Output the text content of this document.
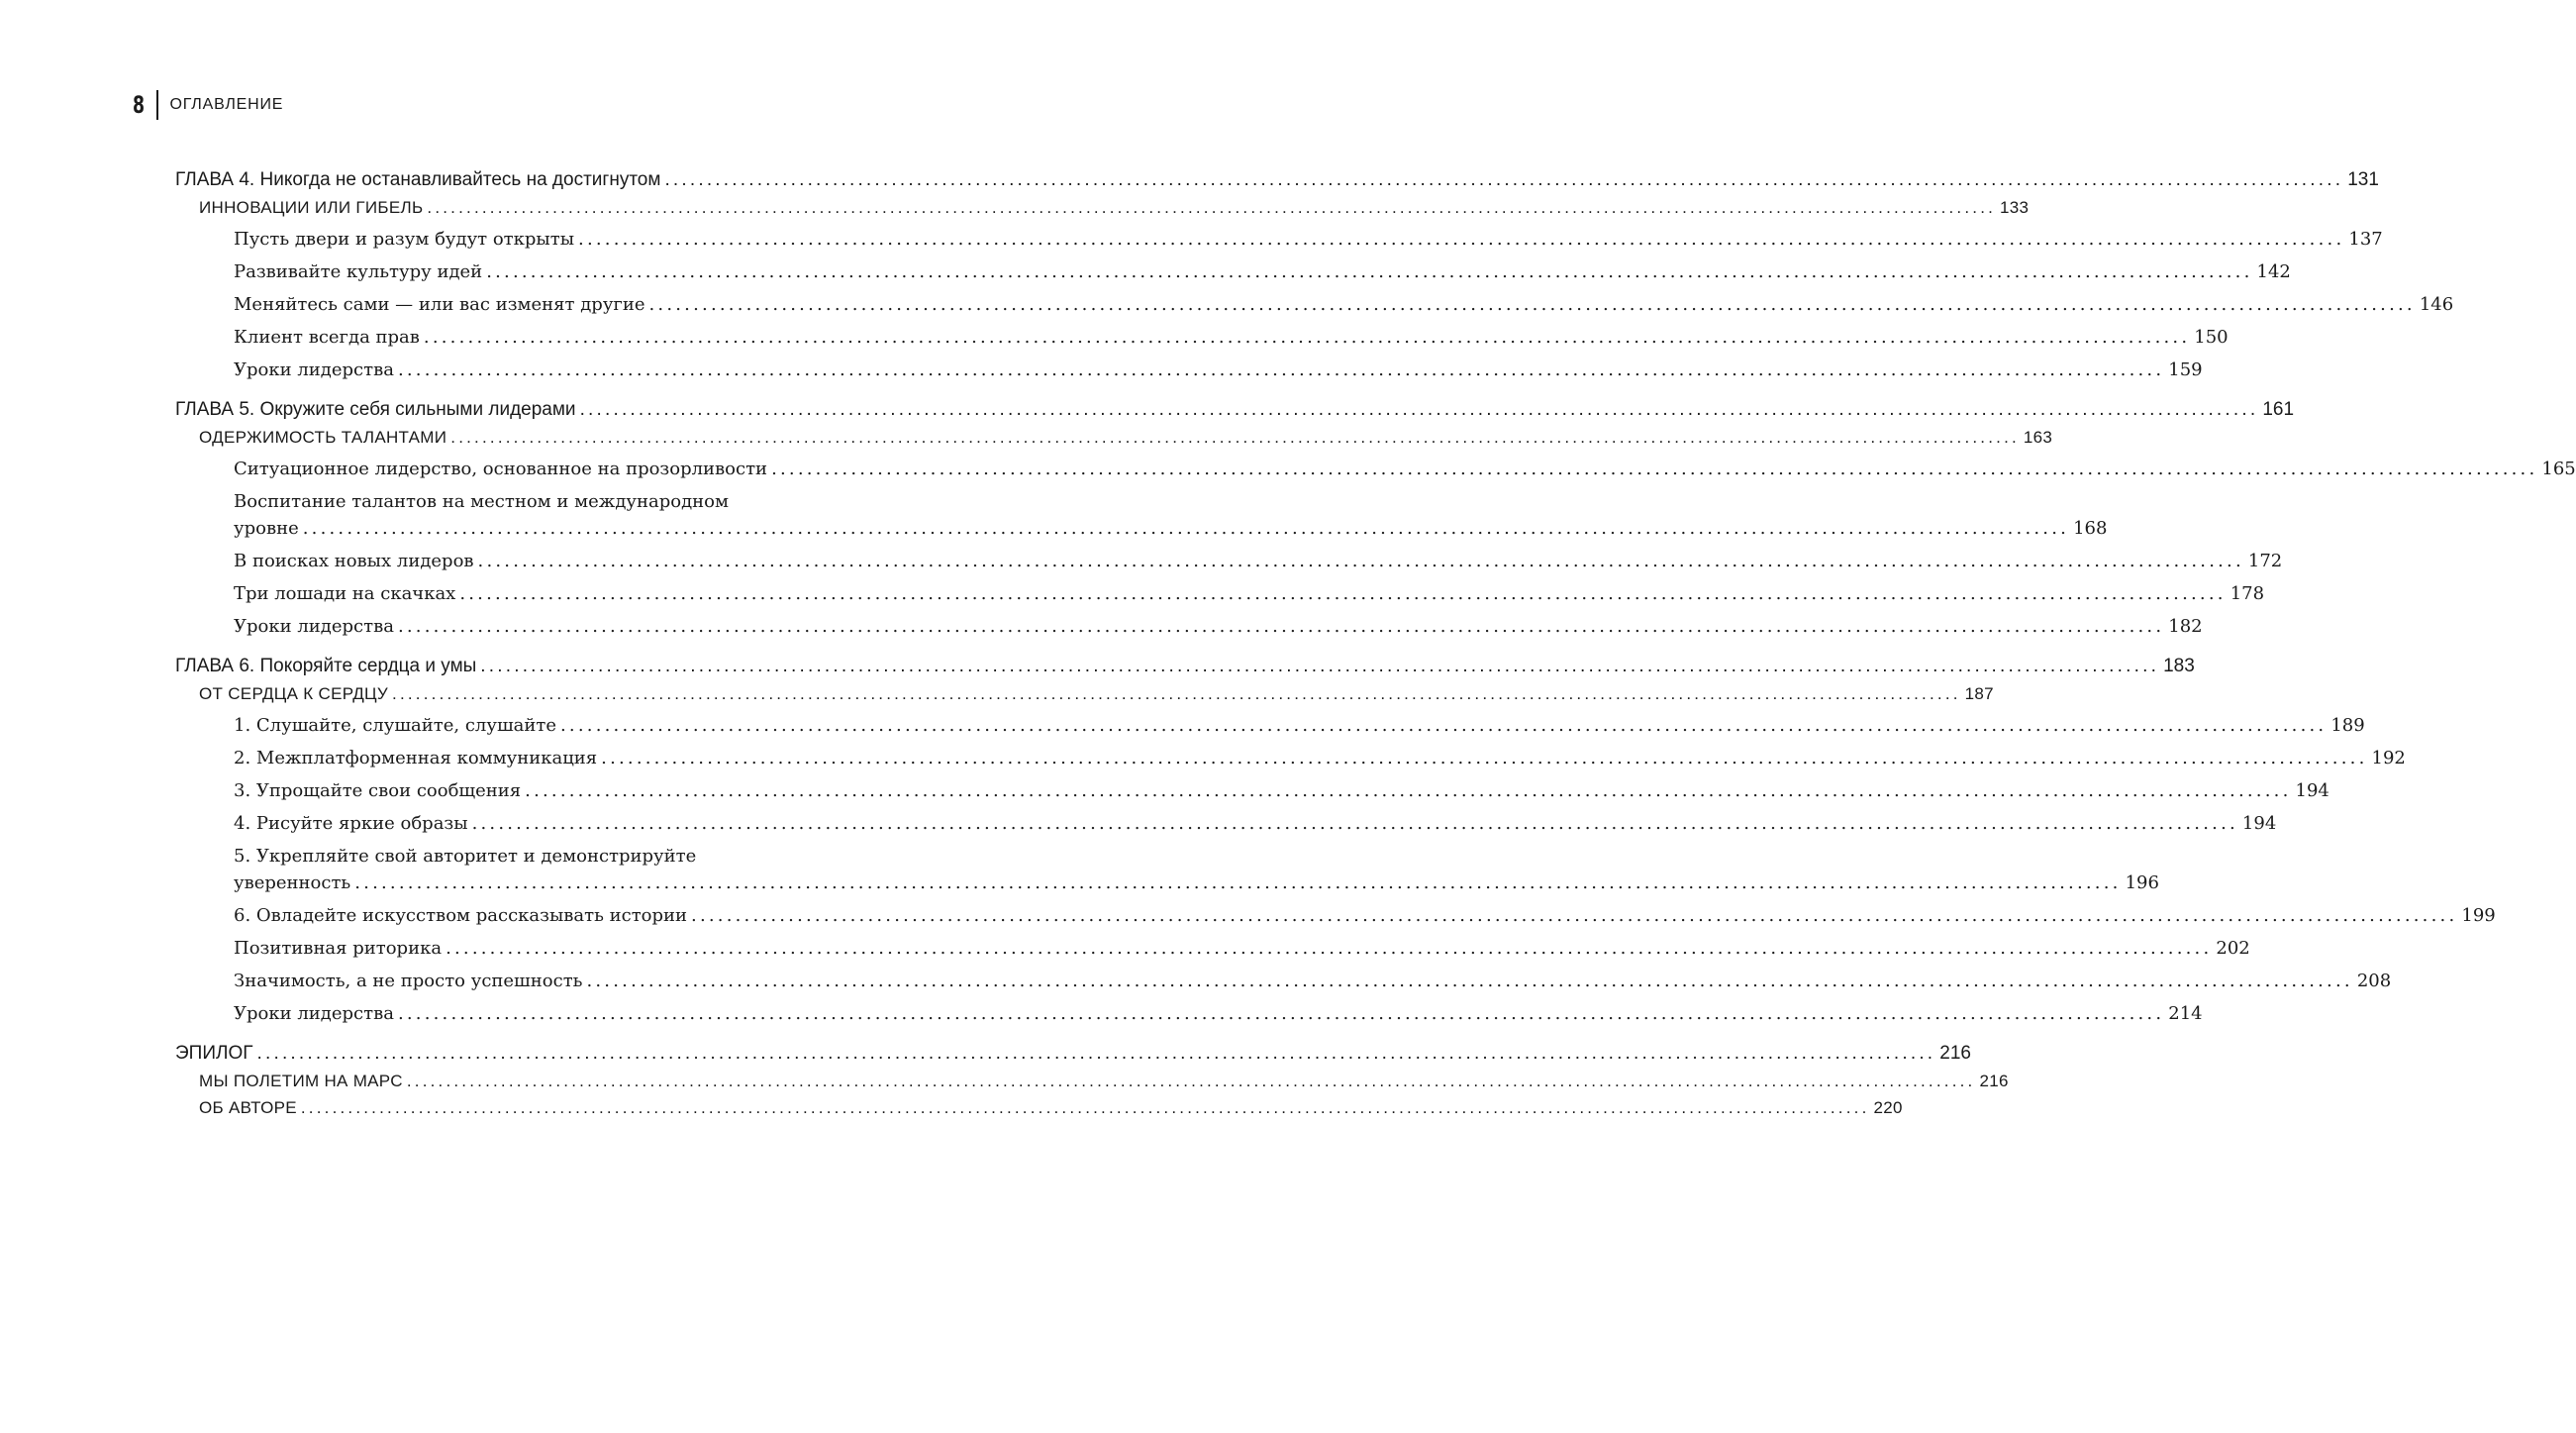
8 ОГЛАВЛЕНИЕ
ГЛАВА 4. Никогда не останавливайтесь на достигнутом ........................................................................................................................................................................................................ 131
ИННОВАЦИИ ИЛИ ГИБЕЛЬ ........................................................................................................................................................................................................ 133
Пусть двери и разум будут открыты ........................................................................................................................................................................................................ 137
Развивайте культуру идей ........................................................................................................................................................................................................ 142
Меняйтесь сами — или вас изменят другие ........................................................................................................................................................................................................ 146
Клиент всегда прав ........................................................................................................................................................................................................ 150
Уроки лидерства ........................................................................................................................................................................................................ 159
ГЛАВА 5. Окружите себя сильными лидерами ........................................................................................................................................................................................................ 161
ОДЕРЖИМОСТЬ ТАЛАНТАМИ ........................................................................................................................................................................................................ 163
Ситуационное лидерство, основанное на прозорливости ........................................................................................................................................................................................................ 165
Воспитание талантов на местном и международном
уровне ........................................................................................................................................................................................................ 168
В поисках новых лидеров ........................................................................................................................................................................................................ 172
Три лошади на скачках ........................................................................................................................................................................................................ 178
Уроки лидерства ........................................................................................................................................................................................................ 182
ГЛАВА 6. Покоряйте сердца и умы ........................................................................................................................................................................................................ 183
ОТ СЕРДЦА К СЕРДЦУ ........................................................................................................................................................................................................ 187
1. Слушайте, слушайте, слушайте ........................................................................................................................................................................................................ 189
2. Межплатформенная коммуникация ........................................................................................................................................................................................................ 192
3. Упрощайте свои сообщения ........................................................................................................................................................................................................ 194
4. Рисуйте яркие образы ........................................................................................................................................................................................................ 194
5. Укрепляйте свой авторитет и демонстрируйте
уверенность ........................................................................................................................................................................................................ 196
6. Овладейте искусством рассказывать истории ........................................................................................................................................................................................................ 199
Позитивная риторика ........................................................................................................................................................................................................ 202
Значимость, а не просто успешность ........................................................................................................................................................................................................ 208
Уроки лидерства ........................................................................................................................................................................................................ 214
ЭПИЛОГ ........................................................................................................................................................................................................ 216
МЫ ПОЛЕТИМ НА МАРС ........................................................................................................................................................................................................ 216
ОБ АВТОРЕ ........................................................................................................................................................................................................ 220
